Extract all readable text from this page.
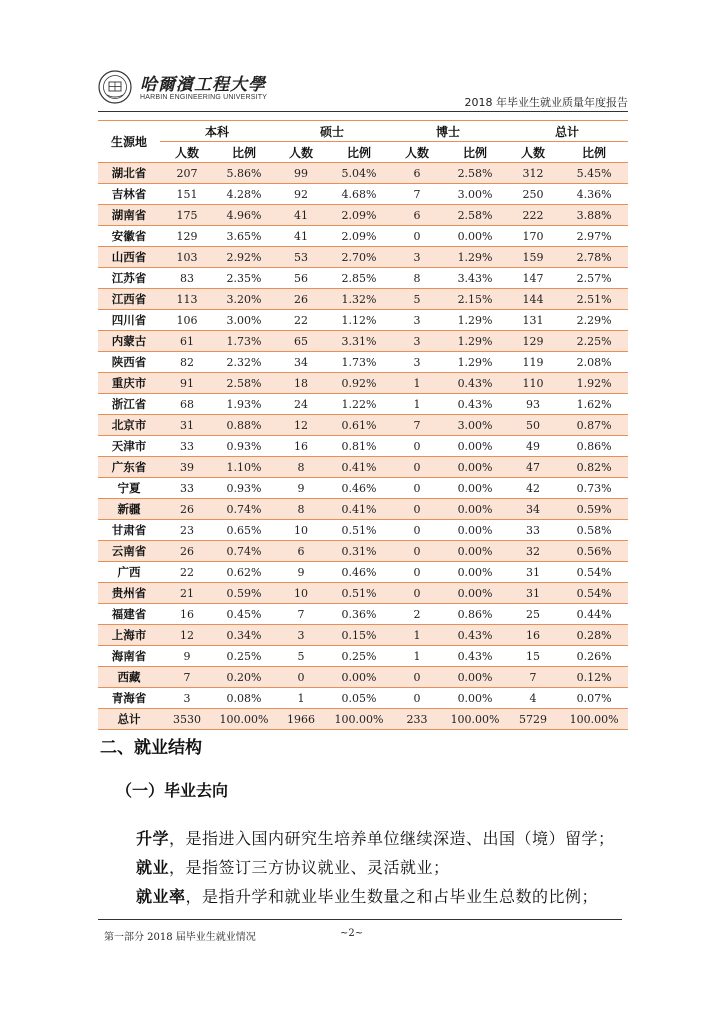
哈爾濱工程大學
HARBIN ENGINEERING UNIVERSITY	2018 年毕业生就业质量年度报告
生源地	本科		硕士		博士		总计	
	人数	比例	人数	比例	人数	比例	人数	比例
湖北省	207	5.86%	99	5.04%	6	2.58%	312	5.45%
吉林省	151	4.28%	92	4.68%	7	3.00%	250	4.36%
湖南省	175	4.96%	41	2.09%	6	2.58%	222	3.88%
安徽省	129	3.65%	41	2.09%	0	0.00%	170	2.97%
山西省	103	2.92%	53	2.70%	3	1.29%	159	2.78%
江苏省	83	2.35%	56	2.85%	8	3.43%	147	2.57%
江西省	113	3.20%	26	1.32%	5	2.15%	144	2.51%
四川省	106	3.00%	22	1.12%	3	1.29%	131	2.29%
内蒙古	61	1.73%	65	3.31%	3	1.29%	129	2.25%
陕西省	82	2.32%	34	1.73%	3	1.29%	119	2.08%
重庆市	91	2.58%	18	0.92%	1	0.43%	110	1.92%
浙江省	68	1.93%	24	1.22%	1	0.43%	93	1.62%
北京市	31	0.88%	12	0.61%	7	3.00%	50	0.87%
天津市	33	0.93%	16	0.81%	0	0.00%	49	0.86%
广东省	39	1.10%	8	0.41%	0	0.00%	47	0.82%
宁夏	33	0.93%	9	0.46%	0	0.00%	42	0.73%
新疆	26	0.74%	8	0.41%	0	0.00%	34	0.59%
甘肃省	23	0.65%	10	0.51%	0	0.00%	33	0.58%
云南省	26	0.74%	6	0.31%	0	0.00%	32	0.56%
广西	22	0.62%	9	0.46%	0	0.00%	31	0.54%
贵州省	21	0.59%	10	0.51%	0	0.00%	31	0.54%
福建省	16	0.45%	7	0.36%	2	0.86%	25	0.44%
上海市	12	0.34%	3	0.15%	1	0.43%	16	0.28%
海南省	9	0.25%	5	0.25%	1	0.43%	15	0.26%
西藏	7	0.20%	0	0.00%	0	0.00%	7	0.12%
青海省	3	0.08%	1	0.05%	0	0.00%	4	0.07%
总计	3530	100.00%	1966	100.00%	233	100.00%	5729	100.00%
二、就业结构
（一）毕业去向
升学，是指进入国内研究生培养单位继续深造、出国（境）留学；
就业，是指签订三方协议就业、灵活就业；
就业率，是指升学和就业毕业生数量之和占毕业生总数的比例；
第一部分 2018 届毕业生就业情况	~2~
